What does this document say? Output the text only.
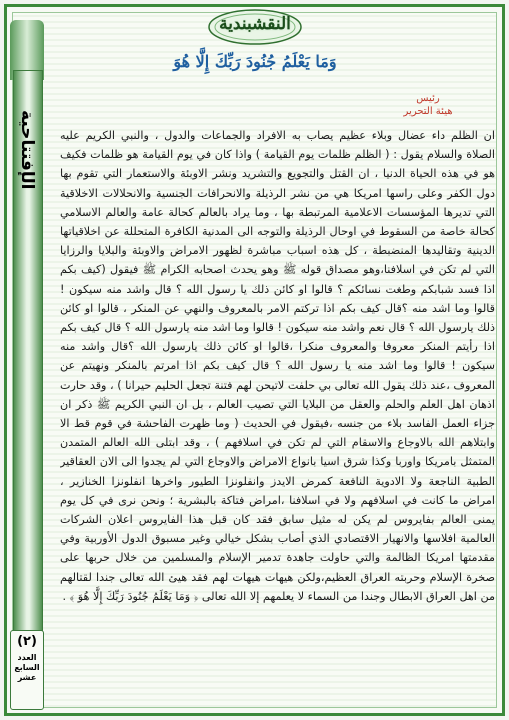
الإفتتاحية
(٢)
العدد السابع عشر
النقشبندية
وَمَا يَعْلَمُ جُنُودَ رَبِّكَ إِلَّا هُوَ
رئيس
هيئة التحرير

ان الظلم داء عضال وبلاء عظيم يصاب به الافراد والجماعات والدول ، والنبي الكريم عليه الصلاة والسلام يقول : ( الظلم ظلمات يوم القيامة ) واذا كان في يوم القيامة هو ظلمات فكيف هو في هذه الحياة الدنيا ، ان القتل والتجويع والتشريد ونشر الاوبئة والاستعمار التي تقوم بها دول الكفر وعلى راسها امريكا هي من نشر الرذيلة والانحرافات الجنسية والانحلالات الاخلاقية التي تديرها المؤسسات الاعلامية المرتبطة بها ، وما يراد بالعالم كحالة عامة والعالم الاسلامي كحالة خاصة من السقوط في اوحال الرذيلة والتوجه الى المدنية الكافرة المتحللة عن اخلاقياتها الدينية وتقاليدها المنضبطة ، كل هذه اسباب مباشرة لظهور الامراض والاوبئة والبلايا والرزايا التي لم تكن في اسلافنا،وهو مصداق قوله ﷺ وهو يحدث اصحابه الكرام ﷺ فيقول (كيف بكم اذا فسد شبابكم وطغت نسائكم ؟ قالوا او كائن ذلك يا رسول الله ؟ قال واشد منه سيكون ! قالوا وما اشد منه ؟قال كيف بكم اذا تركتم الامر بالمعروف والنهي عن المنكر ، قالوا او كائن ذلك يارسول الله ؟ قال نعم واشد منه سيكون ! قالوا وما اشد منه يارسول الله ؟ قال كيف بكم اذا رأيتم المنكر معروفا والمعروف منكرا ،قالوا او كائن ذلك يارسول الله ؟قال واشد منه سيكون ! قالوا وما اشد منه يا رسول الله ؟ قال كيف بكم اذا امرتم بالمنكر ونهيتم عن المعروف ،عند ذلك يقول الله تعالى بي حلفت لاتيحن لهم فتنة تجعل الحليم حيرانا ) ، وقد حارت اذهان اهل العلم والحلم والعقل من البلايا التي تصيب العالم ، بل ان النبي الكريم ﷺ ذكر ان جزاء العمل الفاسد بلاء من جنسه ،فيقول في الحديث ( وما ظهرت الفاحشة في قوم قط الا وابتلاهم الله بالاوجاع والاسقام التي لم تكن في اسلافهم ) ، وقد ابتلى الله العالم المتمدن المتمثل بامريكا واوربا وكذا شرق اسيا بانواع الامراض والاوجاع التي لم يجدوا الى الان العقاقير الطبية الناجعة ولا الادوية النافعة كمرض الايدز وانفلونزا الطيور واخرها انفلونزا الخنازير ، امراض ما كانت في اسلافهم ولا في اسلافنا ،امراض فتاكة بالبشرية ؛ ونحن نرى في كل يوم يمنى العالم بفايروس لم يكن له مثيل سابق فقد كان قبل هذا الفايروس اعلان الشركات العالمية افلاسها والانهيار الاقتصادي الذي أصاب بشكل خيالي وغير مسبوق الدول الأوربية وفي مقدمتها امريكا الظالمة والتي حاولت جاهدة تدمير الإسلام والمسلمين من خلال حربها على صخرة الإسلام وحربته العراق العظيم،ولكن هيهات هيهات لهم فقد هيئ الله تعالى جندا لقتالهم من اهل العراق الابطال وجندا من السماء لا يعلمهم إلا الله تعالى ﴿ وَمَا يَعْلَمُ جُنُودَ رَبِّكَ إِلَّا هُوَ ﴾ .
